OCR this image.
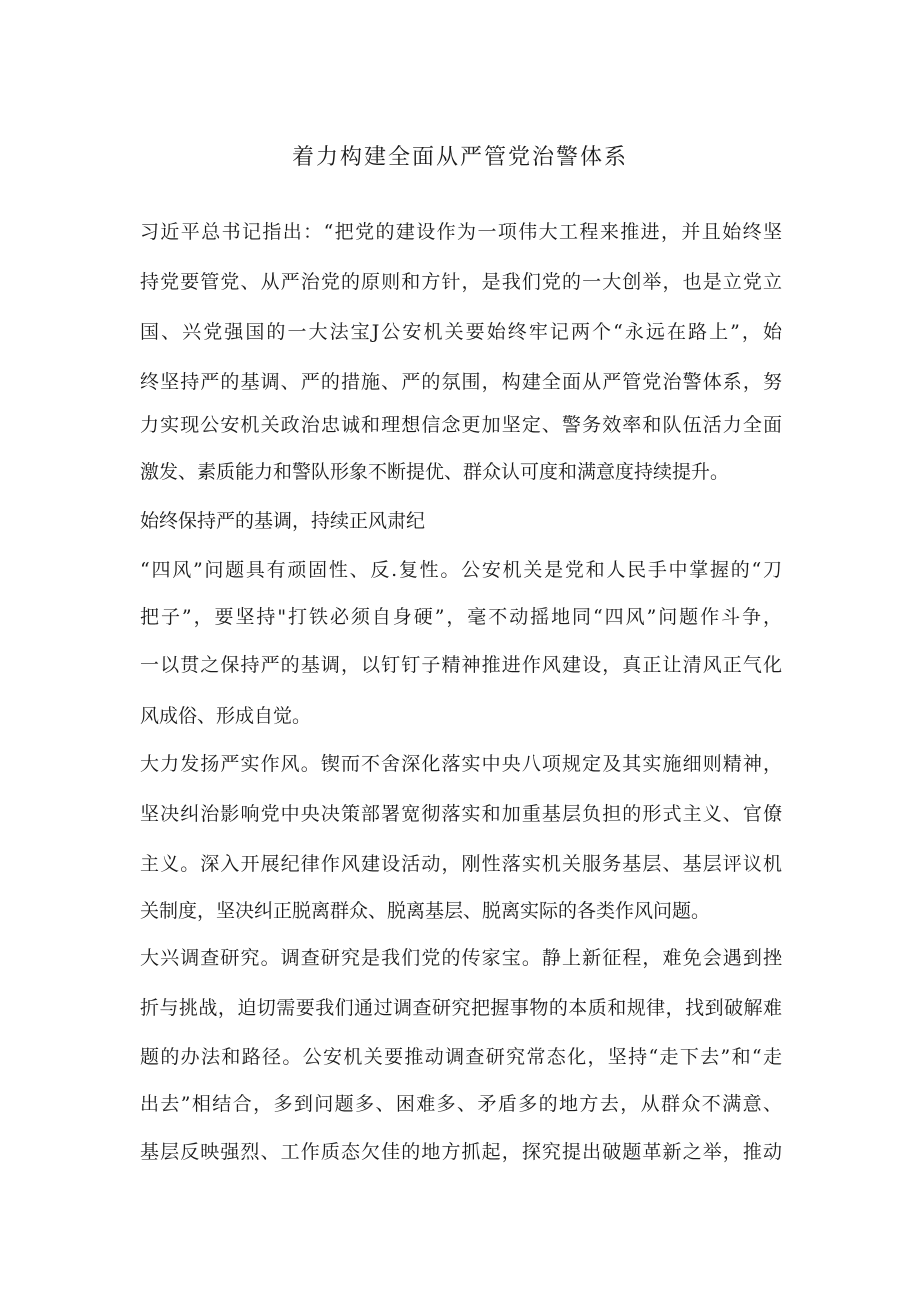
着力构建全面从严管党治警体系
习近平总书记指出：“把党的建设作为一项伟大工程来推进，并且始终坚
持党要管党、从严治党的原则和方针，是我们党的一大创举，也是立党立
国、兴党强国的一大法宝J公安机关要始终牢记两个“永远在路上”，始
终坚持严的基调、严的措施、严的氛围，构建全面从严管党治警体系，努
力实现公安机关政治忠诚和理想信念更加坚定、警务效率和队伍活力全面
激发、素质能力和警队形象不断提优、群众认可度和满意度持续提升。
始终保持严的基调，持续正风肃纪
“四风”问题具有顽固性、反.复性。公安机关是党和人民手中掌握的“刀
把子”，要坚持"打铁必须自身硬”，毫不动摇地同“四风”问题作斗争，
一以贯之保持严的基调，以钉钉子精神推进作风建设，真正让清风正气化
风成俗、形成自觉。
大力发扬严实作风。锲而不舍深化落实中央八项规定及其实施细则精神，
坚决纠治影响党中央决策部署宽彻落实和加重基层负担的形式主义、官僚
主义。深入开展纪律作风建设活动，刚性落实机关服务基层、基层评议机
关制度，坚决纠正脱离群众、脱离基层、脱离实际的各类作风问题。
大兴调查研究。调查研究是我们党的传家宝。静上新征程，难免会遇到挫
折与挑战，迫切需要我们通过调查研究把握事物的本质和规律，找到破解难
题的办法和路径。公安机关要推动调查研究常态化，坚持“走下去”和“走
出去”相结合，多到问题多、困难多、矛盾多的地方去，从群众不满意、
基层反映强烈、工作质态欠佳的地方抓起，探究提出破题革新之举，推动
